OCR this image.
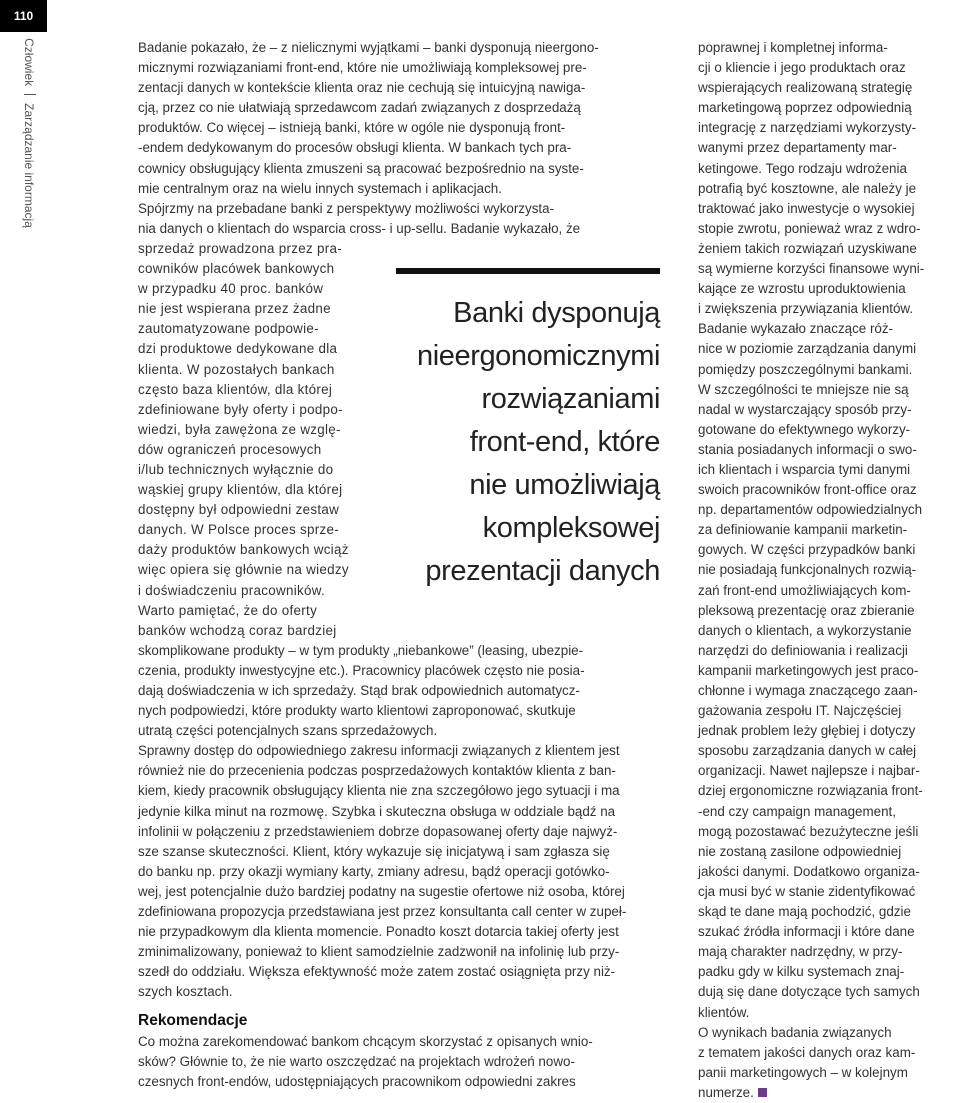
110
CzłowiekZarządzanie informacją
Badanie pokazało, że – z nielicznymi wyjątkami – banki dysponują nieergono-
micznymi rozwiązaniami front-end, które nie umożliwiają kompleksowej pre-
zentacji danych w kontekście klienta oraz nie cechują się intuicyjną nawiga-
cją, przez co nie ułatwiają sprzedawcom zadań związanych z dosprzedażą
produktów. Co więcej – istnieją banki, które w ogóle nie dysponują front-
-endem dedykowanym do procesów obsługi klienta. W bankach tych pra-
cownicy obsługujący klienta zmuszeni są pracować bezpośrednio na syste-
mie centralnym oraz na wielu innych systemach i aplikacjach.
Spójrzmy na przebadane banki z perspektywy możliwości wykorzysta-
nia danych o klientach do wsparcia cross- i up-sellu. Badanie wykazało, że
sprzedaż prowadzona przez pra-
cowników placówek bankowych
w przypadku 40 proc. banków
nie jest wspierana przez żadne
zautomatyzowane podpowie-
dzi produktowe dedykowane dla
klienta. W pozostałych bankach
często baza klientów, dla której
zdefiniowane były oferty i podpo-
wiedzi, była zawężona ze wzglę-
dów ograniczeń procesowych
i/lub technicznych wyłącznie do
wąskiej grupy klientów, dla której
dostępny był odpowiedni zestaw
danych. W Polsce proces sprze-
daży produktów bankowych wciąż
więc opiera się głównie na wiedzy
i doświadczeniu pracowników.
Warto pamiętać, że do oferty
banków wchodzą coraz bardziej
skomplikowane produkty – w tym produkty „niebankowe” (leasing, ubezpie-
czenia, produkty inwestycyjne etc.). Pracownicy placówek często nie posia-
dają doświadczenia w ich sprzedaży. Stąd brak odpowiednich automatycz-
nych podpowiedzi, które produkty warto klientowi zaproponować, skutkuje
utratą części potencjalnych szans sprzedażowych.
Sprawny dostęp do odpowiedniego zakresu informacji związanych z klientem jest
również nie do przecenienia podczas posprzedażowych kontaktów klienta z ban-
kiem, kiedy pracownik obsługujący klienta nie zna szczegółowo jego sytuacji i ma
jedynie kilka minut na rozmowę. Szybka i skuteczna obsługa w oddziale bądź na
infolinii w połączeniu z przedstawieniem dobrze dopasowanej oferty daje najwyż-
sze szanse skuteczności. Klient, który wykazuje się inicjatywą i sam zgłasza się
do banku np. przy okazji wymiany karty, zmiany adresu, bądź operacji gotówko-
wej, jest potencjalnie dużo bardziej podatny na sugestie ofertowe niż osoba, której
zdefiniowana propozycja przedstawiana jest przez konsultanta call center w zupeł-
nie przypadkowym dla klienta momencie. Ponadto koszt dotarcia takiej oferty jest
zminimalizowany, ponieważ to klient samodzielnie zadzwonił na infolinię lub przy-
szedł do oddziału. Większa efektywność może zatem zostać osiągnięta przy niż-
szych kosztach.
Banki dysponują
nieergonomicznymi
rozwiązaniami
front-end, które
nie umożliwiają
kompleksowej
prezentacji danych
Rekomendacje
Co można zarekomendować bankom chcącym skorzystać z opisanych wnio-
sków? Głównie to, że nie warto oszczędzać na projektach wdrożeń nowo-
czesnych front-endów, udostępniających pracownikom odpowiedni zakres
poprawnej i kompletnej informa-
cji o kliencie i jego produktach oraz
wspierających realizowaną strategię
marketingową poprzez odpowiednią
integrację z narzędziami wykorzysty-
wanymi przez departamenty mar-
ketingowe. Tego rodzaju wdrożenia
potrafią być kosztowne, ale należy je
traktować jako inwestycje o wysokiej
stopie zwrotu, ponieważ wraz z wdro-
żeniem takich rozwiązań uzyskiwane
są wymierne korzyści finansowe wyni-
kające ze wzrostu uproduktowienia
i zwiększenia przywiązania klientów.
Badanie wykazało znaczące róż-
nice w poziomie zarządzania danymi
pomiędzy poszczególnymi bankami.
W szczególności te mniejsze nie są
nadal w wystarczający sposób przy-
gotowane do efektywnego wykorzy-
stania posiadanych informacji o swo-
ich klientach i wsparcia tymi danymi
swoich pracowników front-office oraz
np. departamentów odpowiedzialnych
za definiowanie kampanii marketin-
gowych. W części przypadków banki
nie posiadają funkcjonalnych rozwią-
zań front-end umożliwiających kom-
pleksową prezentację oraz zbieranie
danych o klientach, a wykorzystanie
narzędzi do definiowania i realizacji
kampanii marketingowych jest praco-
chłonne i wymaga znaczącego zaan-
gażowania zespołu IT. Najczęściej
jednak problem leży głębiej i dotyczy
sposobu zarządzania danych w całej
organizacji. Nawet najlepsze i najbar-
dziej ergonomiczne rozwiązania front-
-end czy campaign management,
mogą pozostawać bezużyteczne jeśli
nie zostaną zasilone odpowiedniej
jakości danymi. Dodatkowo organiza-
cja musi być w stanie zidentyfikować
skąd te dane mają pochodzić, gdzie
szukać źródła informacji i które dane
mają charakter nadrzędny, w przy-
padku gdy w kilku systemach znaj-
dują się dane dotyczące tych samych
klientów.
O wynikach badania związanych
z tematem jakości danych oraz kam-
panii marketingowych – w kolejnym
numerze.
